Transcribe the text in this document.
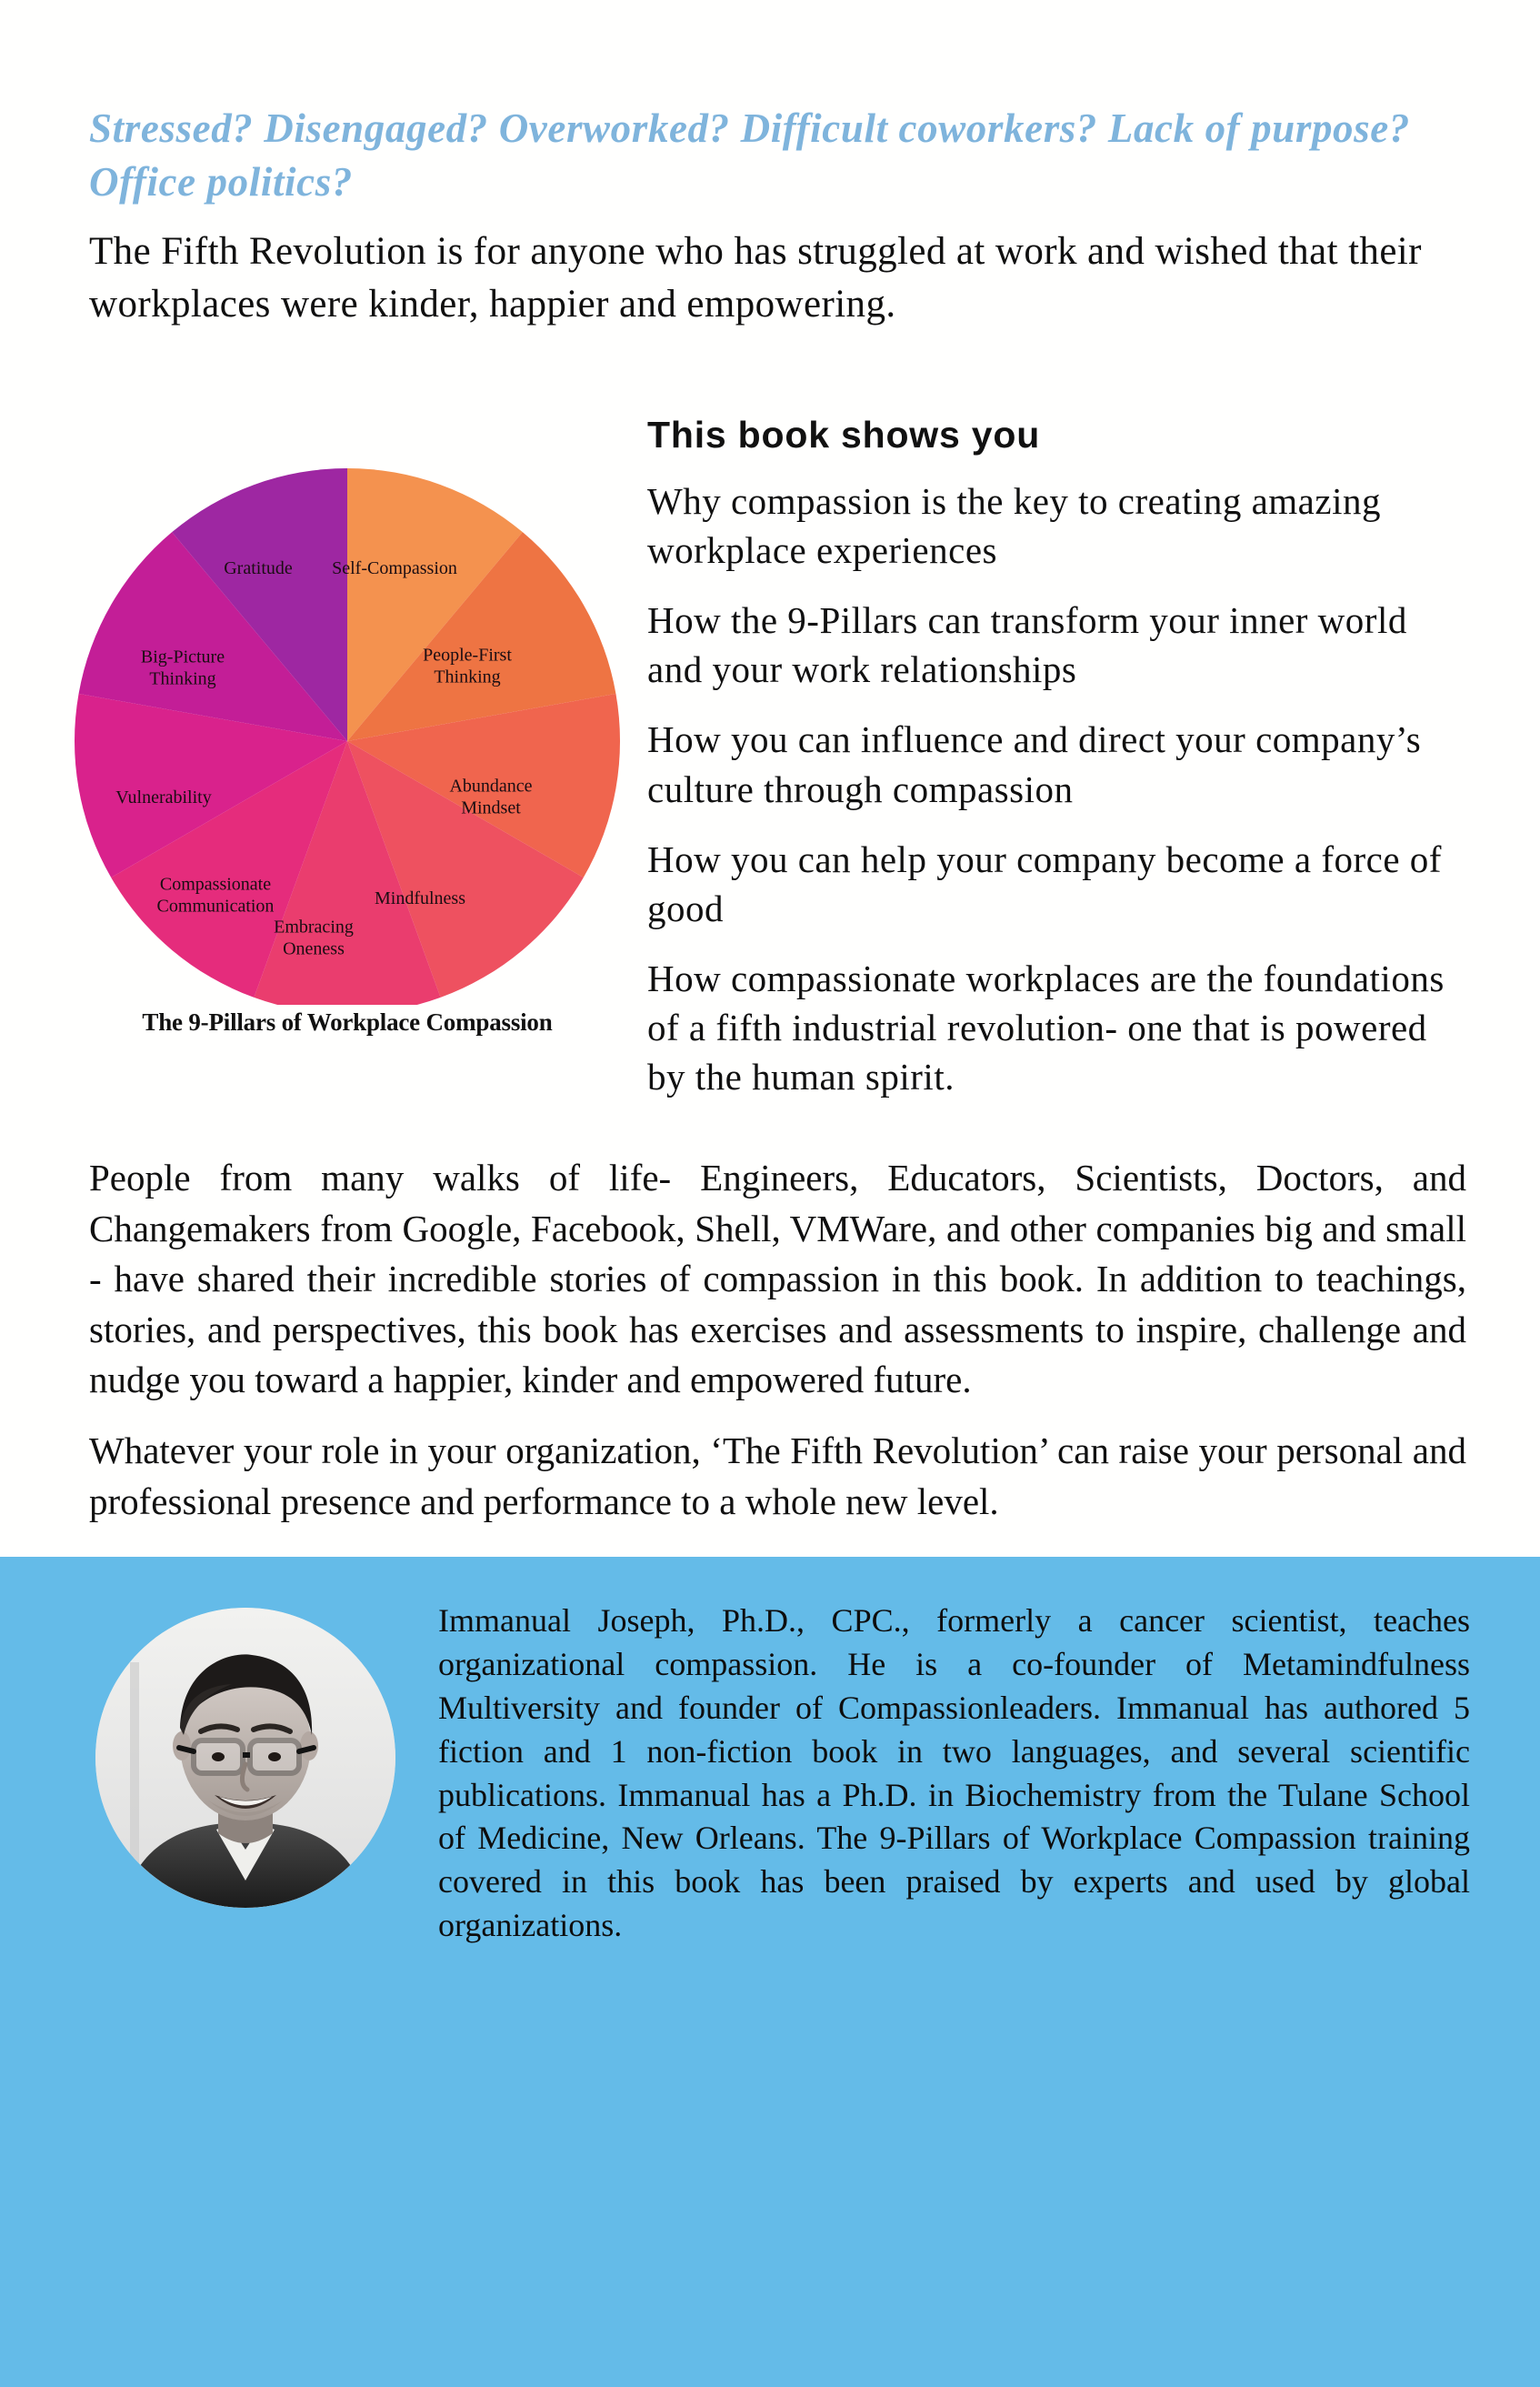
Stressed? Disengaged? Overworked? Difficult coworkers? Lack of purpose? Office politics?
The Fifth Revolution is for anyone who has struggled at work and wished that their workplaces were kinder, happier and empowering.
Self-Compassion
People-First
Thinking
Abundance
Mindset
Mindfulness
Embracing
Oneness
Compassionate
Communication
Vulnerability
Big-Picture
Thinking
Gratitude
The 9-Pillars of Workplace Compassion
This book shows you
Why compassion is the key to creating amazing workplace experiences
How the 9-Pillars can transform your inner world and your work relationships
How you can influence and direct your company’s culture through compassion
How you can help your company become a force of good
How compassionate workplaces are the foundations of a fifth industrial revolution- one that is powered by the human spirit.
People from many walks of life- Engineers, Educators, Scientists, Doctors, and Changemakers from Google, Facebook, Shell, VMWare, and other companies big and small - have shared their incredible stories of compassion in this book. In addition to teachings, stories, and perspectives, this book has exercises and assessments to inspire, challenge and nudge you toward a happier, kinder and empowered future.
Whatever your role in your organization, ‘The Fifth Revolution’ can raise your personal and professional presence and performance to a whole new level.
Immanual Joseph, Ph.D., CPC., formerly a cancer scientist, teaches organizational compassion. He is a co-founder of Metamindfulness Multiversity and founder of Compassionleaders. Immanual has authored 5 fiction and 1 non-fiction book in two languages, and several scientific publications. Immanual has a Ph.D. in Biochemistry from the Tulane School of Medicine, New Orleans. The 9-Pillars of Workplace Compassion training covered in this book has been praised by experts and used by global organizations.
